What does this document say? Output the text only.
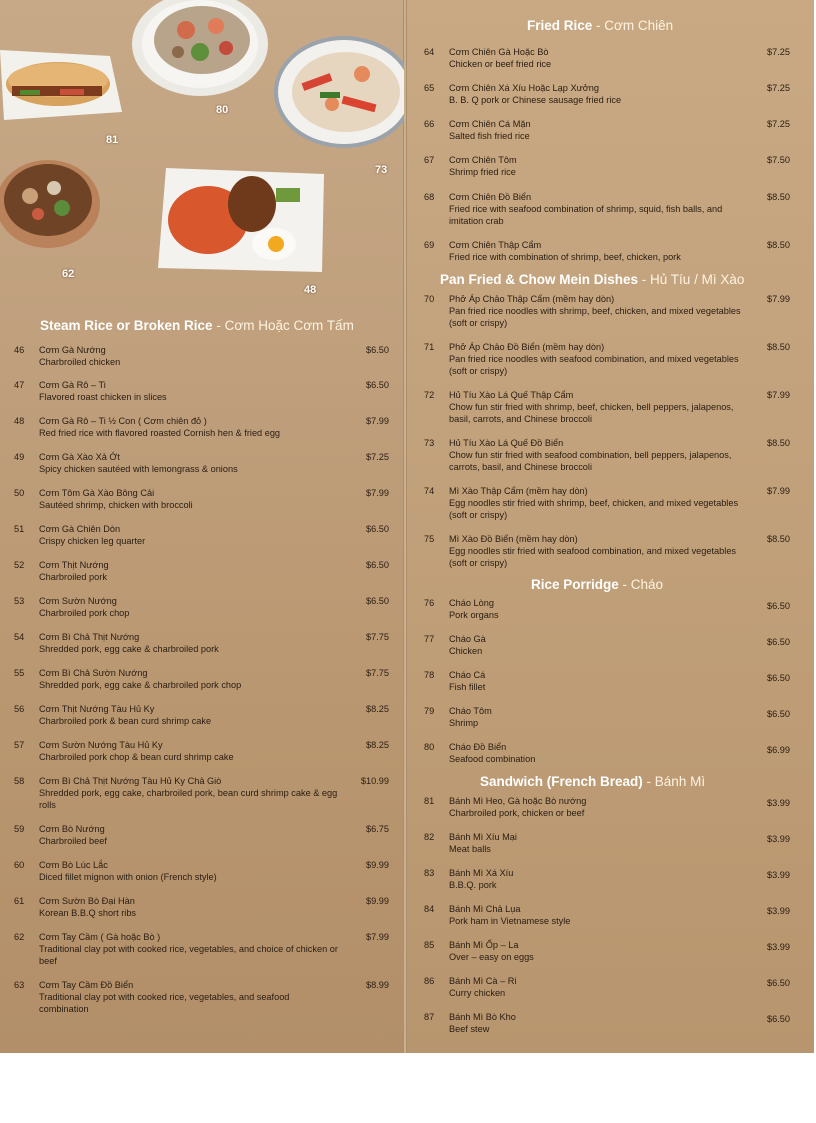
81
80
73
62
48
Steam Rice or Broken Rice - Cơm Hoặc Cơm Tấm
46	Cơm Gà Nướng
Charbroiled chicken
$6.50
47	Cơm Gà Rô – Ti
Flavored roast chicken in slices
$6.50
48	Cơm Gà Rô – Ti ½ Con ( Cơm chiên đỏ )
Red fried rice with flavored roasted Cornish hen & fried egg
$7.99
49	Cơm Gà Xào Xả Ớt
Spicy chicken sautéed with lemongrass & onions
$7.25
50	Cơm Tôm Gà Xào Bông Cải
Sautéed shrimp, chicken with broccoli
$7.99
51	Cơm Gà Chiên Dòn
Crispy chicken leg quarter
$6.50
52	Cơm Thịt Nướng
Charbroiled pork
$6.50
53	Cơm Sườn Nướng
Charbroiled pork chop
$6.50
54	Cơm Bì Chả Thịt Nướng
Shredded pork, egg cake & charbroiled pork
$7.75
55	Cơm Bì Chả Sườn Nướng
Shredded pork, egg cake & charbroiled pork chop
$7.75
56	Cơm Thịt Nướng Tàu Hủ Ky
Charbroiled pork & bean curd shrimp cake
$8.25
57	Cơm Sườn Nướng Tàu Hủ Ky
Charbroiled pork chop & bean curd shrimp cake
$8.25
58	Cơm Bì Chả Thịt Nướng Tàu Hủ Ky Chả Giò
Shredded pork, egg cake, charbroiled pork, bean curd shrimp cake & egg rolls
$10.99
59	Cơm Bò Nướng
Charbroiled beef
$6.75
60	Cơm Bò Lúc Lắc
Diced fillet mignon with onion (French style)
$9.99
61	Cơm Sườn Bò Đại Hàn
Korean B.B.Q short ribs
$9.99
62	Cơm Tay Cầm ( Gà hoặc Bò )
Traditional clay pot with cooked rice, vegetables, and choice of chicken or beef
$7.99
63	Cơm Tay Cầm Đồ Biển
Traditional clay pot with cooked rice, vegetables, and seafood combination
$8.99
Fried Rice - Cơm Chiên
64	Cơm Chiên Gà Hoặc Bò
Chicken or beef fried rice
$7.25
65	Cơm Chiên Xá Xíu Hoặc Lạp Xưởng
B. B. Q pork or Chinese sausage fried rice
$7.25
66	Cơm Chiên Cá Mặn
Salted fish fried rice
$7.25
67	Cơm Chiên Tôm
Shrimp fried rice
$7.50
68	Cơm Chiên Đồ Biển
Fried rice with seafood combination of shrimp, squid, fish balls, and imitation crab
$8.50
69	Cơm Chiên Thập Cẩm
Fried rice with combination of shrimp, beef, chicken, pork
$8.50
Pan Fried & Chow Mein Dishes - Hủ Tíu / Mì Xào
70	Phở Áp Chảo Thập Cẩm (mềm hay dòn)
Pan fried rice noodles with shrimp, beef, chicken, and mixed vegetables (soft or crispy)
$7.99
71	Phở Áp Chảo Đồ Biển (mềm hay dòn)
Pan fried rice noodles with seafood combination, and mixed vegetables (soft or crispy)
$8.50
72	Hủ Tíu Xào Lá Quế Thập Cẩm
Chow fun stir fried with shrimp, beef, chicken, bell peppers, jalapenos, basil, carrots, and Chinese broccoli
$7.99
73	Hủ Tíu Xào Lá Quế Đồ Biển
Chow fun stir fried with seafood combination, bell peppers, jalapenos, carrots, basil, and Chinese broccoli
$8.50
74	Mì Xào Thập Cẩm (mềm hay dòn)
Egg noodles stir fried with shrimp, beef, chicken, and mixed vegetables (soft or crispy)
$7.99
75	Mì Xào Đồ Biển (mềm hay dòn)
Egg noodles stir fried with seafood combination, and mixed vegetables (soft or crispy)
$8.50
Rice Porridge - Cháo
76	Cháo Lòng
Pork organs
$6.50
77	Cháo Gà
Chicken
$6.50
78	Cháo Cá
Fish fillet
$6.50
79	Cháo Tôm
Shrimp
$6.50
80	Cháo Đồ Biển
Seafood combination
$6.99
Sandwich (French Bread) - Bánh Mì
81	Bánh Mì Heo, Gà hoặc Bò nướng
Charbroiled pork, chicken or beef
$3.99
82	Bánh Mì Xíu Mại
Meat balls
$3.99
83	Bánh Mì Xá Xíu
B.B.Q. pork
$3.99
84	Bánh Mì Chả Lụa
Pork ham in Vietnamese style
$3.99
85	Bánh Mì Ốp – La
Over – easy on eggs
$3.99
86	Bánh Mì Cà – Ri
Curry chicken
$6.50
87	Bánh Mì Bò Kho
Beef stew
$6.50
